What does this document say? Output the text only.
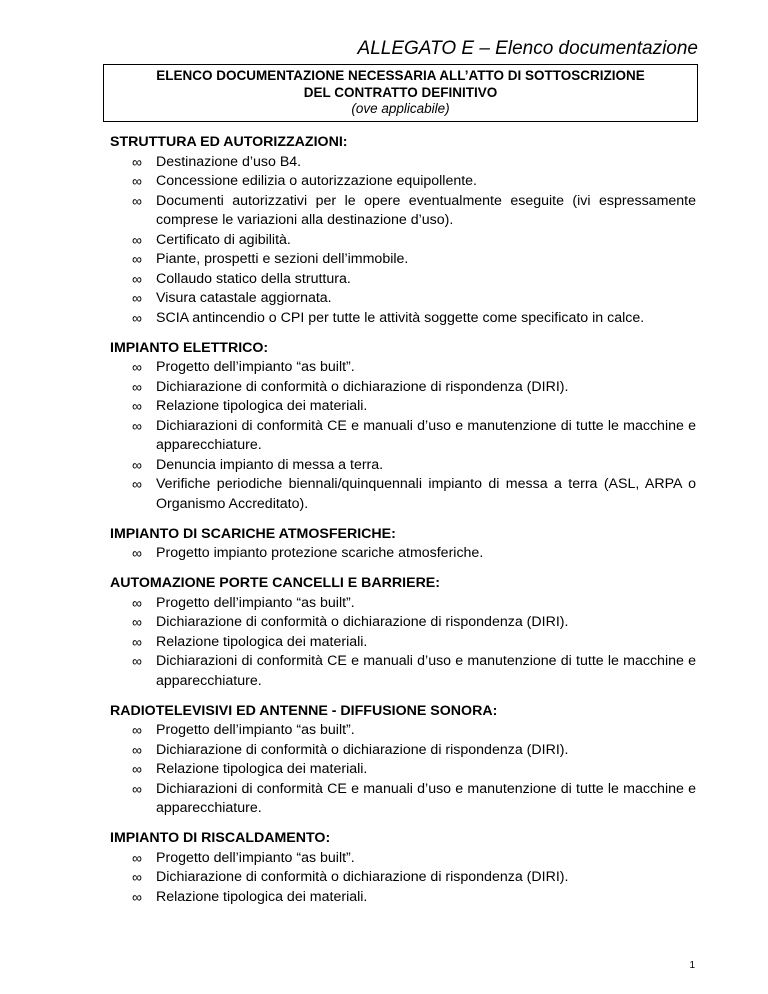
ALLEGATO E – Elenco documentazione
ELENCO DOCUMENTAZIONE NECESSARIA ALL’ATTO DI SOTTOSCRIZIONE
DEL CONTRATTO DEFINITIVO
(ove applicabile)
STRUTTURA ED AUTORIZZAZIONI:
∞ Destinazione d’uso B4.
∞ Concessione edilizia o autorizzazione equipollente.
∞ Documenti autorizzativi per le opere eventualmente eseguite (ivi espressamente comprese le variazioni alla destinazione d’uso).
∞ Certificato di agibilità.
∞ Piante, prospetti e sezioni dell’immobile.
∞ Collaudo statico della struttura.
∞ Visura catastale aggiornata.
∞ SCIA antincendio o CPI per tutte le attività soggette come specificato in calce.
IMPIANTO ELETTRICO:
∞ Progetto dell’impianto “as built”.
∞ Dichiarazione di conformità o dichiarazione di rispondenza (DIRI).
∞ Relazione tipologica dei materiali.
∞ Dichiarazioni di conformità CE e manuali d’uso e manutenzione di tutte le macchine e apparecchiature.
∞ Denuncia impianto di messa a terra.
∞ Verifiche periodiche biennali/quinquennali impianto di messa a terra (ASL, ARPA o Organismo Accreditato).
IMPIANTO DI SCARICHE ATMOSFERICHE:
∞ Progetto impianto protezione scariche atmosferiche.
AUTOMAZIONE PORTE CANCELLI E BARRIERE:
∞ Progetto dell’impianto “as built”.
∞ Dichiarazione di conformità o dichiarazione di rispondenza (DIRI).
∞ Relazione tipologica dei materiali.
∞ Dichiarazioni di conformità CE e manuali d’uso e manutenzione di tutte le macchine e apparecchiature.
RADIOTELEVISIVI ED ANTENNE - DIFFUSIONE SONORA:
∞ Progetto dell’impianto “as built”.
∞ Dichiarazione di conformità o dichiarazione di rispondenza (DIRI).
∞ Relazione tipologica dei materiali.
∞ Dichiarazioni di conformità CE e manuali d’uso e manutenzione di tutte le macchine e apparecchiature.
IMPIANTO DI RISCALDAMENTO:
∞ Progetto dell’impianto “as built”.
∞ Dichiarazione di conformità o dichiarazione di rispondenza (DIRI).
∞ Relazione tipologica dei materiali.
1
